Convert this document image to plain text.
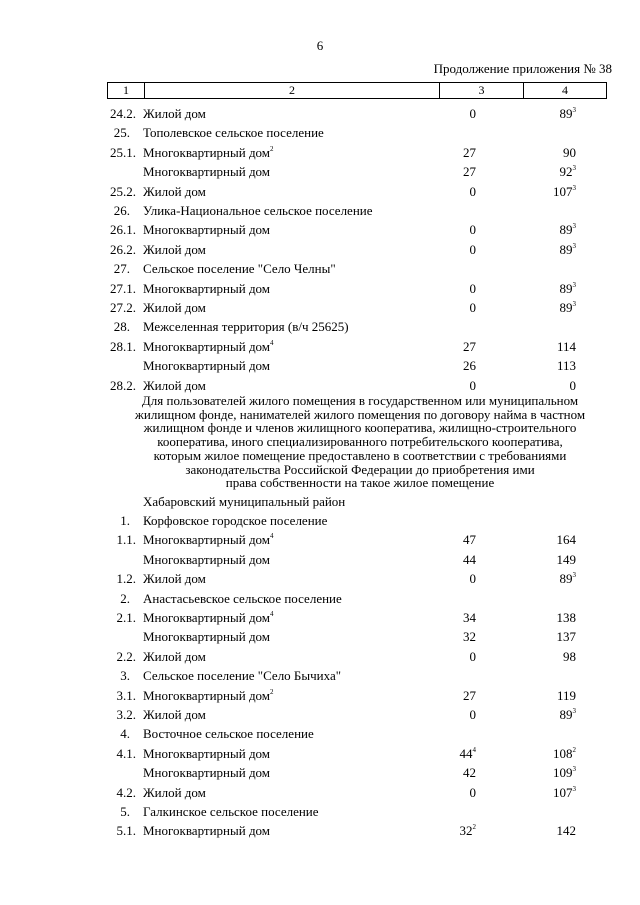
6
Продолжение приложения № 38
1	2	3	4
24.2. Жилой дом	0	$89^3$
25. Тополевское сельское поселение
25.1. Многоквартирный дом$^2$	27	90
Многоквартирный дом	27	$92^3$
25.2. Жилой дом	0	$107^3$
26. Улика-Национальное сельское поселение
26.1. Многоквартирный дом	0	$89^3$
26.2. Жилой дом	0	$89^3$
27. Сельское поселение "Село Челны"
27.1. Многоквартирный дом	0	$89^3$
27.2. Жилой дом	0	$89^3$
28. Межселенная территория (в/ч 25625)
28.1. Многоквартирный дом$^4$	27	114
Многоквартирный дом	26	113
28.2. Жилой дом	0	0
Для пользователей жилого помещения в государственном или муниципальном
жилищном фонде, нанимателей жилого помещения по договору найма в частном
жилищном фонде и членов жилищного кооператива, жилищно-строительного
кооператива, иного специализированного потребительского кооператива,
которым жилое помещение предоставлено в соответствии с требованиями
законодательства Российской Федерации до приобретения ими
права собственности на такое жилое помещение
Хабаровский муниципальный район
1. Корфовское городское поселение
1.1. Многоквартирный дом$^4$	47	164
Многоквартирный дом	44	149
1.2. Жилой дом	0	$89^3$
2. Анастасьевское сельское поселение
2.1. Многоквартирный дом$^4$	34	138
Многоквартирный дом	32	137
2.2. Жилой дом	0	98
3. Сельское поселение "Село Бычиха"
3.1. Многоквартирный дом$^2$	27	119
3.2. Жилой дом	0	$89^3$
4. Восточное сельское поселение
4.1. Многоквартирный дом	$44^4$	$108^2$
Многоквартирный дом	42	$109^3$
4.2. Жилой дом	0	$107^3$
5. Галкинское сельское поселение
5.1. Многоквартирный дом	$32^2$	142
